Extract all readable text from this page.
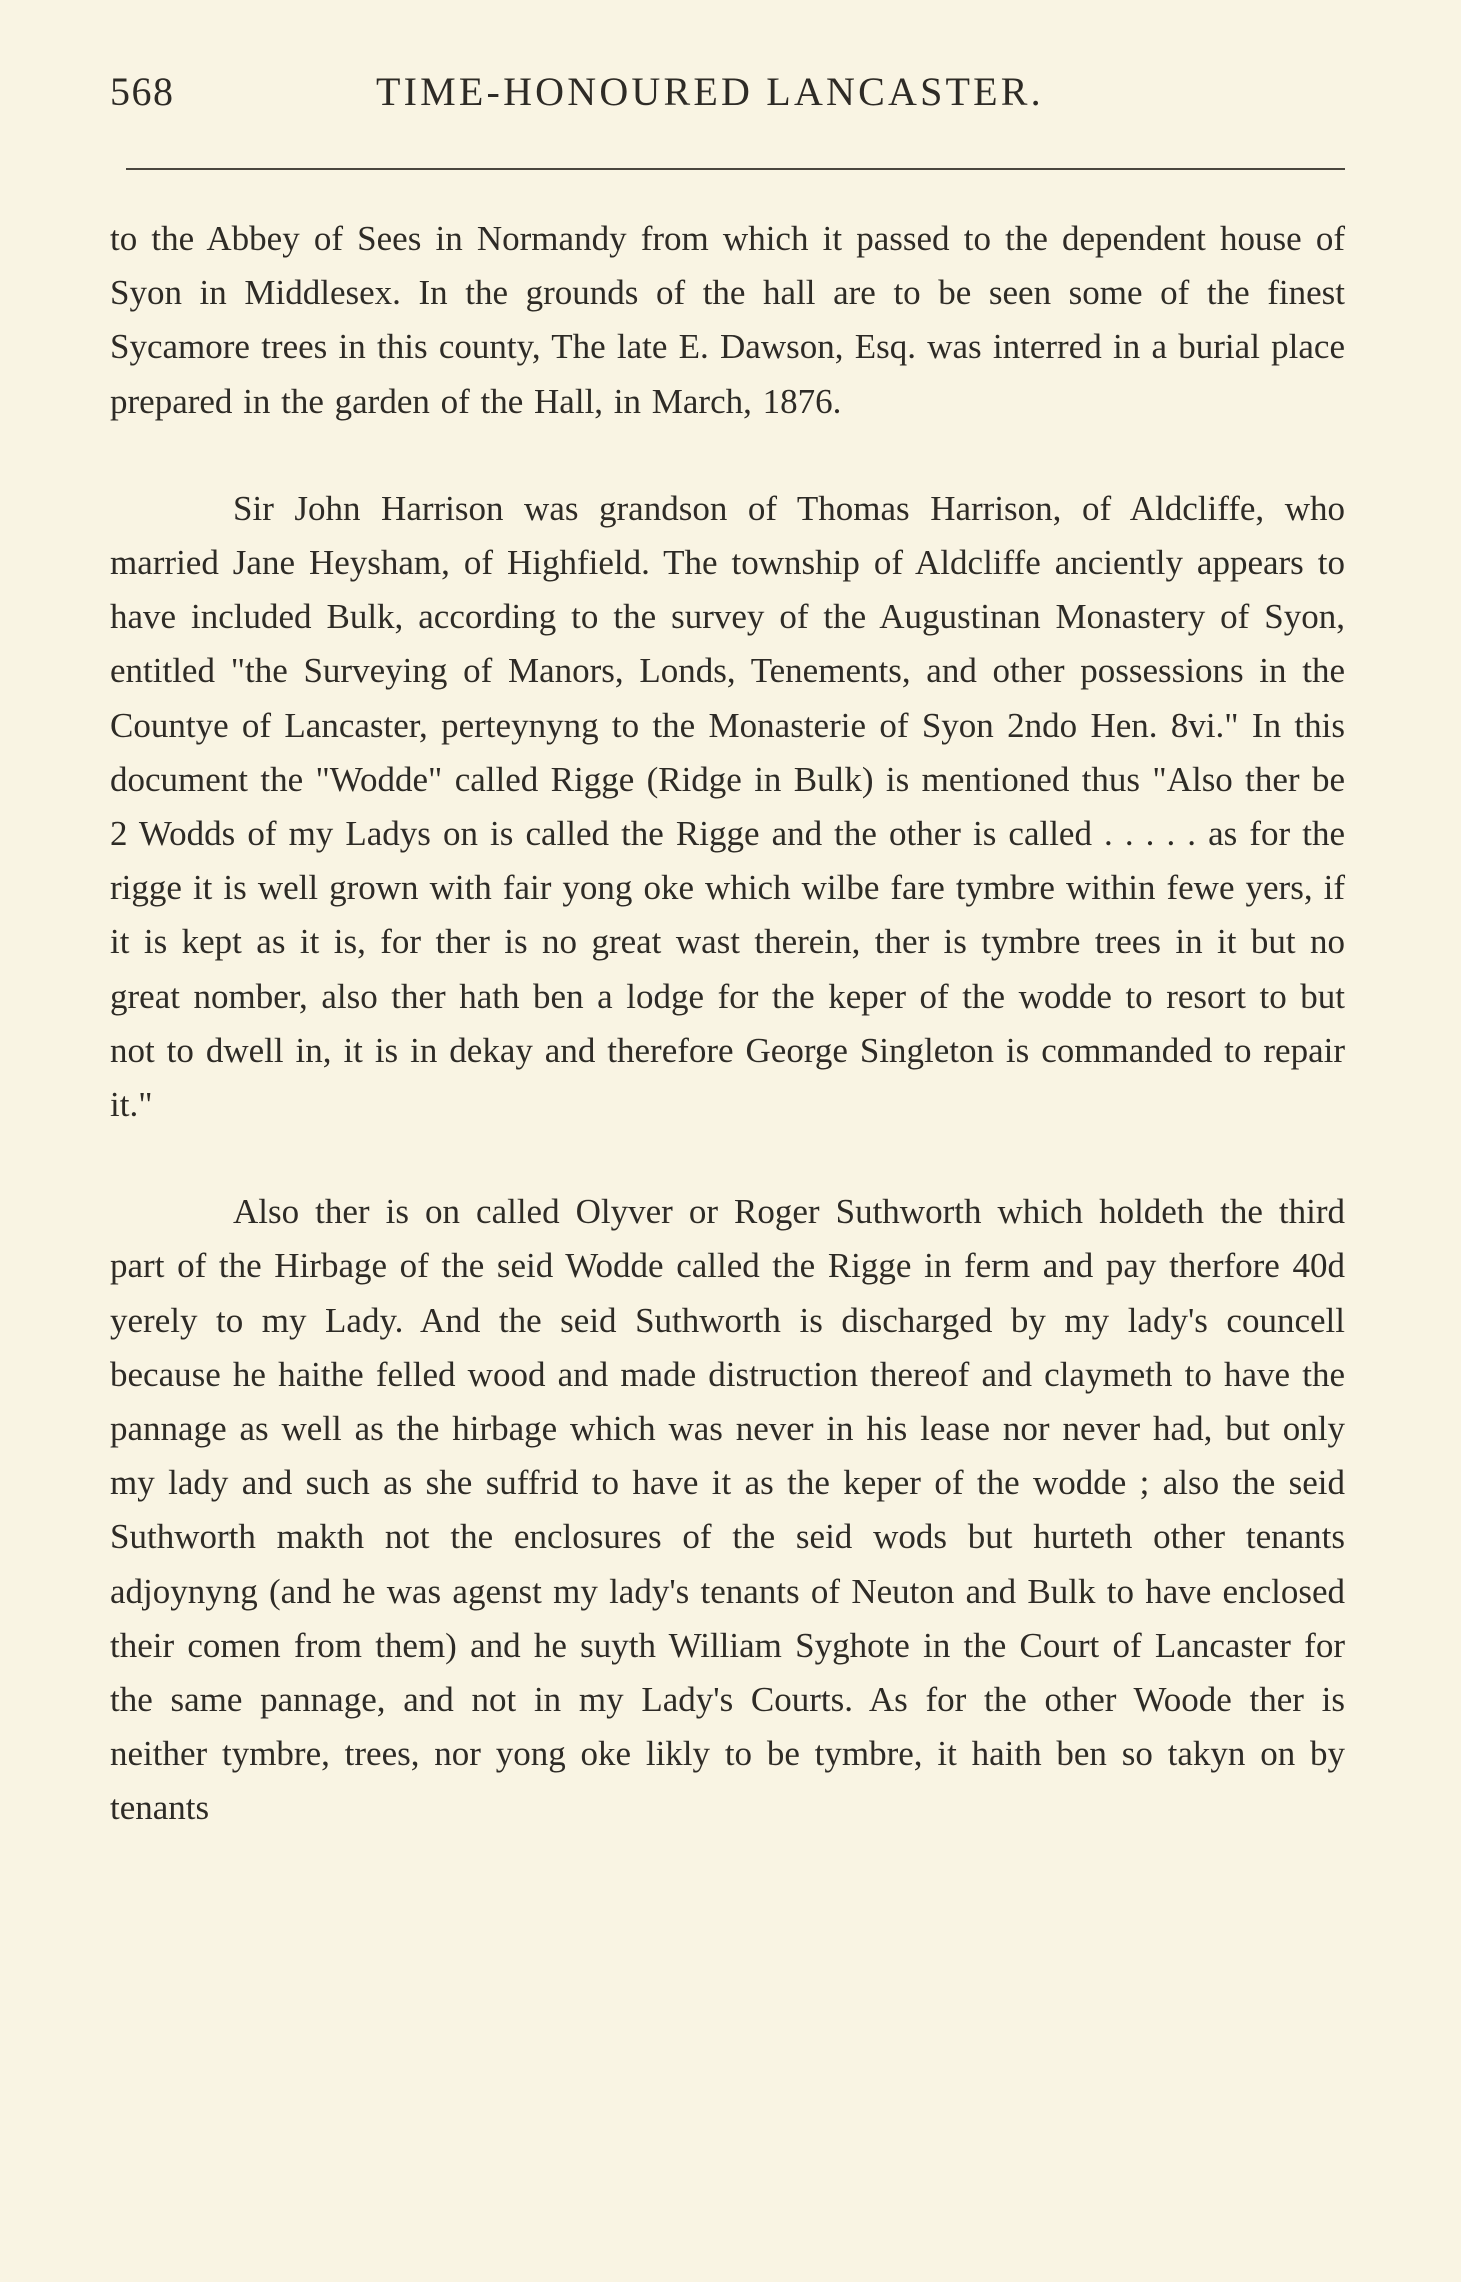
568	TIME-HONOURED LANCASTER.

to the Abbey of Sees in Normandy from which it passed to the dependent house of Syon in Middlesex. In the grounds of the hall are to be seen some of the finest Sycamore trees in this county, The late E. Dawson, Esq. was interred in a burial place prepared in the garden of the Hall, in March, 1876.

Sir John Harrison was grandson of Thomas Harrison, of Aldcliffe, who married Jane Heysham, of Highfield. The township of Aldcliffe anciently appears to have included Bulk, according to the survey of the Augustinan Monastery of Syon, entitled "the Surveying of Manors, Londs, Tenements, and other possessions in the Countye of Lancaster, perteynyng to the Monasterie of Syon 2ndo Hen. 8vi." In this document the "Wodde" called Rigge (Ridge in Bulk) is mentioned thus "Also ther be 2 Wodds of my Ladys on is called the Rigge and the other is called . . . . . as for the rigge it is well grown with fair yong oke which wilbe fare tymbre within fewe yers, if it is kept as it is, for ther is no great wast therein, ther is tymbre trees in it but no great nomber, also ther hath ben a lodge for the keper of the wodde to resort to but not to dwell in, it is in dekay and therefore George Singleton is commanded to repair it."

Also ther is on called Olyver or Roger Suthworth which holdeth the third part of the Hirbage of the seid Wodde called the Rigge in ferm and pay therfore 40d yerely to my Lady. And the seid Suthworth is discharged by my lady's councell because he haithe felled wood and made distruction thereof and claymeth to have the pannage as well as the hirbage which was never in his lease nor never had, but only my lady and such as she suffrid to have it as the keper of the wodde ; also the seid Suthworth makth not the enclosures of the seid wods but hurteth other tenants adjoynyng (and he was agenst my lady's tenants of Neuton and Bulk to have enclosed their comen from them) and he suyth William Syghote in the Court of Lancaster for the same pannage, and not in my Lady's Courts. As for the other Woode ther is neither tymbre, trees, nor yong oke likly to be tymbre, it haith ben so takyn on by tenants
